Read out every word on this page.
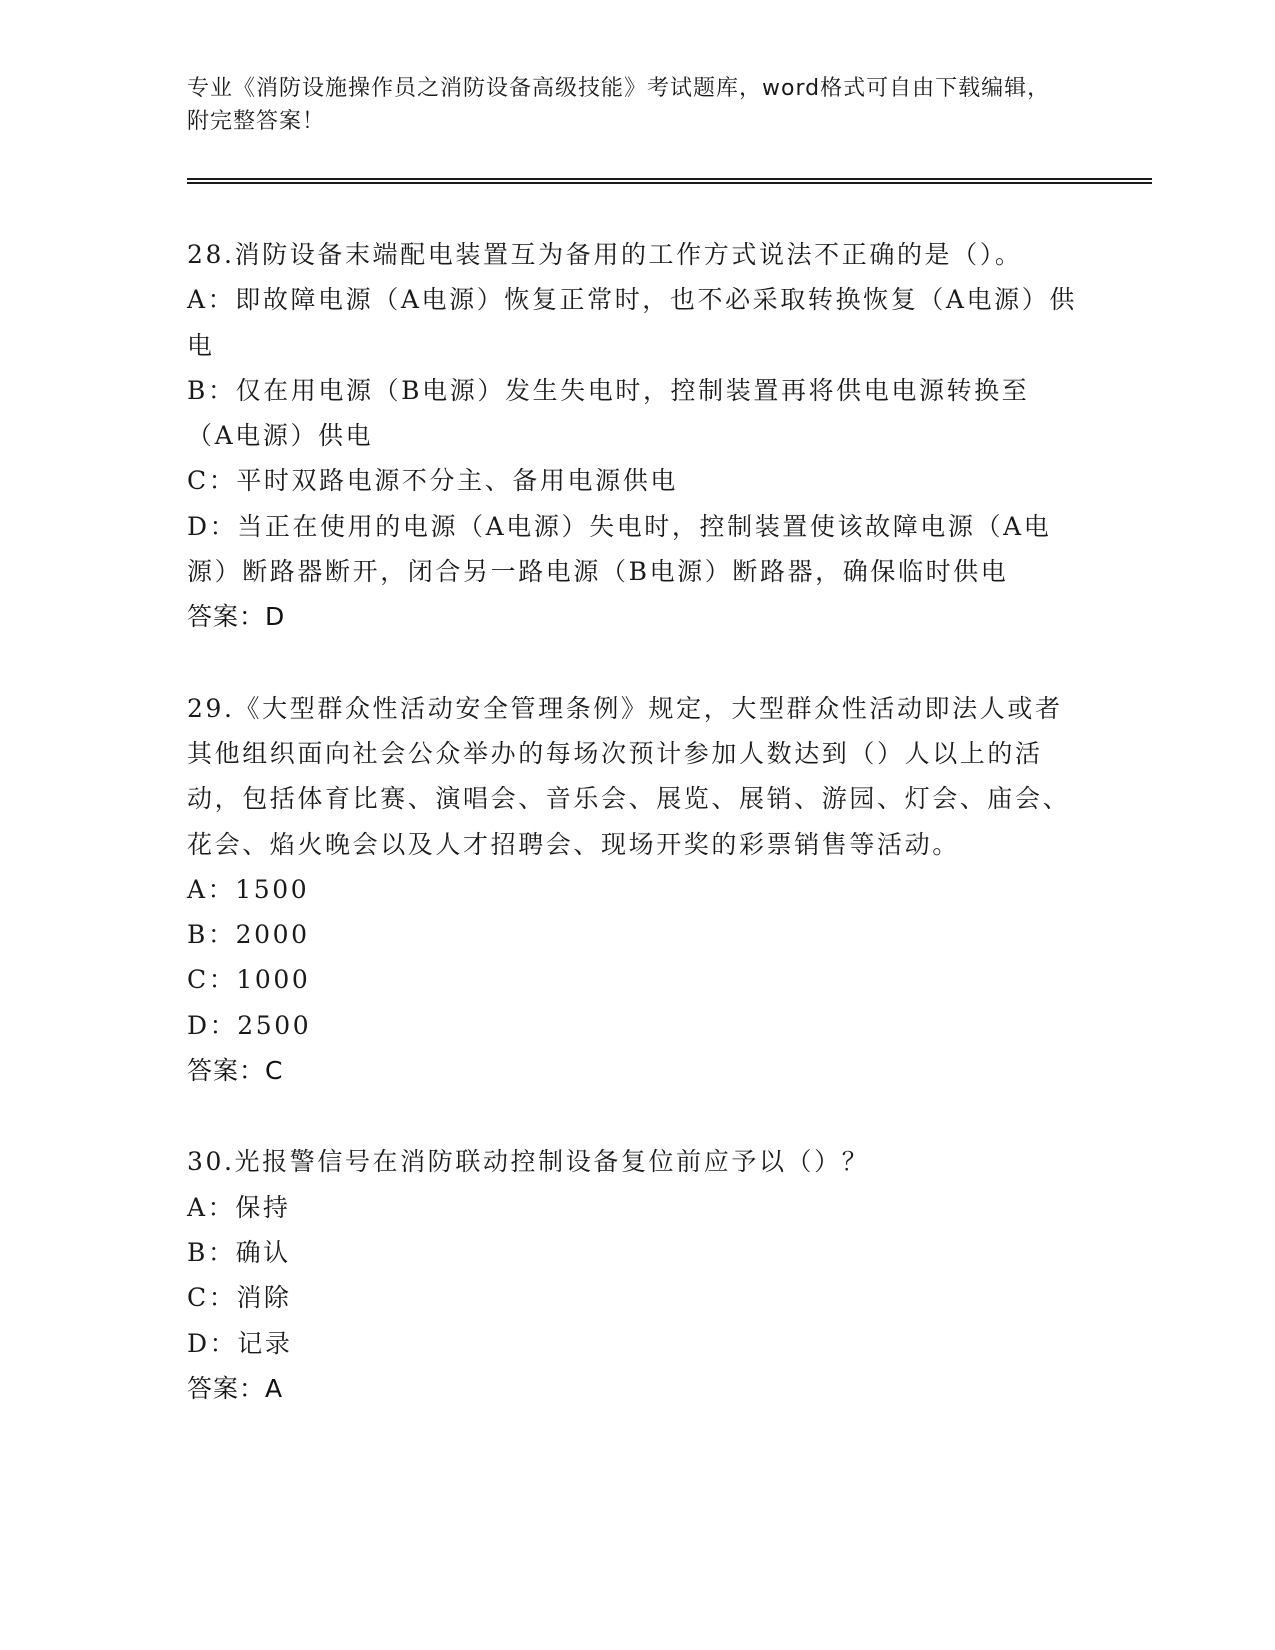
专业《消防设施操作员之消防设备高级技能》考试题库，word格式可自由下载编辑，附完整答案！
28.消防设备末端配电装置互为备用的工作方式说法不正确的是（）。
A：即故障电源（A电源）恢复正常时，也不必采取转换恢复（A电源）供电
B：仅在用电源（B电源）发生失电时，控制装置再将供电电源转换至（A电源）供电
C：平时双路电源不分主、备用电源供电
D：当正在使用的电源（A电源）失电时，控制装置使该故障电源（A电源）断路器断开，闭合另一路电源（B电源）断路器，确保临时供电
答案：D
29.《大型群众性活动安全管理条例》规定，大型群众性活动即法人或者其他组织面向社会公众举办的每场次预计参加人数达到（）人以上的活动，包括体育比赛、演唱会、音乐会、展览、展销、游园、灯会、庙会、花会、焰火晚会以及人才招聘会、现场开奖的彩票销售等活动。
A：1500
B：2000
C：1000
D：2500
答案：C
30.光报警信号在消防联动控制设备复位前应予以（）？
A：保持
B：确认
C：消除
D：记录
答案：A
